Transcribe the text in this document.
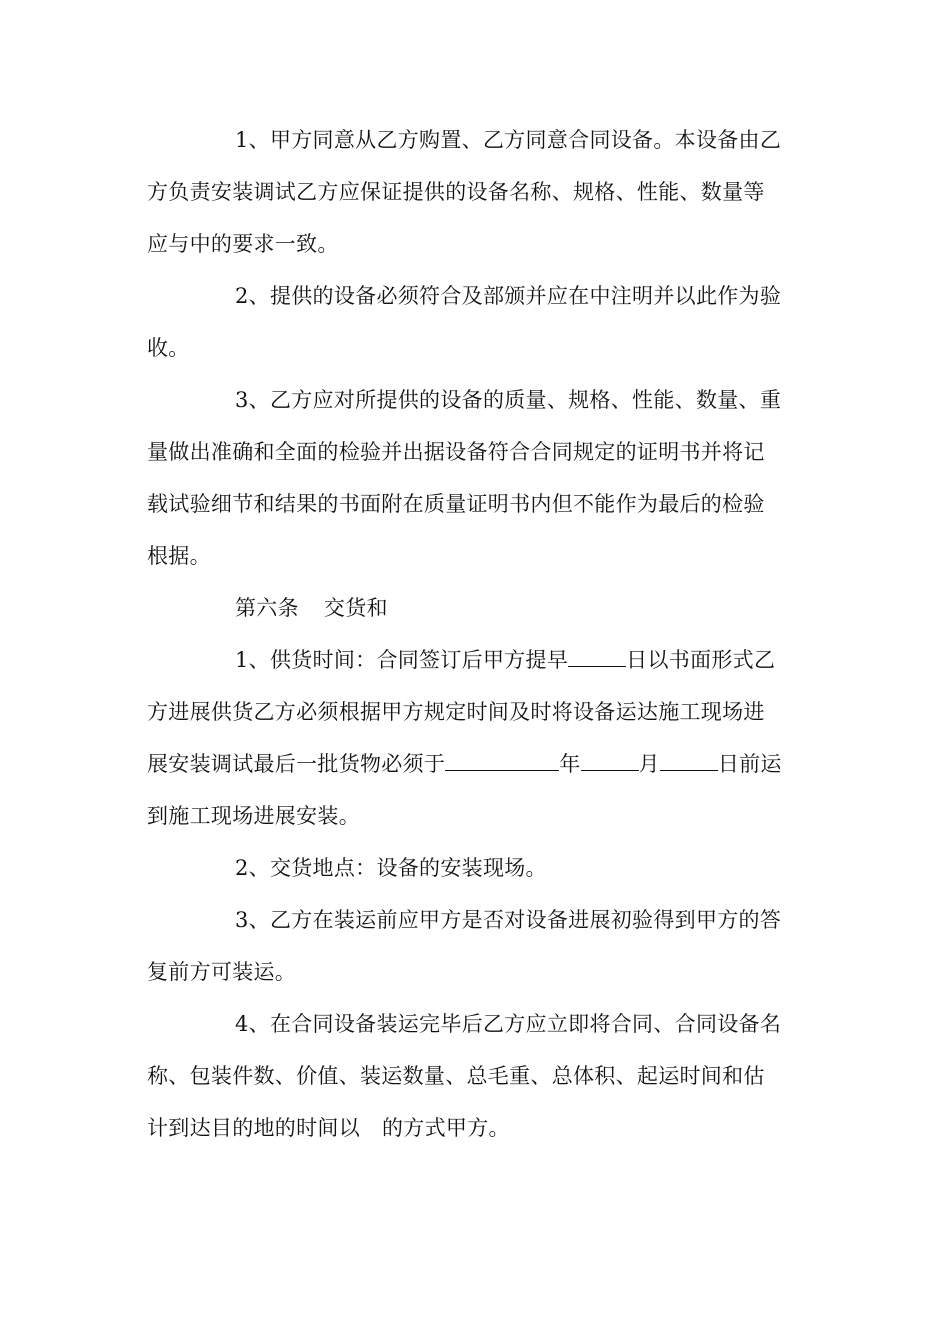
1、甲方同意从乙方购置、乙方同意合同设备。本设备由乙
方负责安装调试乙方应保证提供的设备名称、规格、性能、数量等
应与中的要求一致。
2、提供的设备必须符合及部颁并应在中注明并以此作为验
收。
3、乙方应对所提供的设备的质量、规格、性能、数量、重
量做出准确和全面的检验并出据设备符合合同规定的证明书并将记
载试验细节和结果的书面附在质量证明书内但不能作为最后的检验
根据。
第六条 交货和
1、供货时间：合同签订后甲方提早	日以书面形式乙
方进展供货乙方必须根据甲方规定时间及时将设备运达施工现场进
展安装调试最后一批货物必须于	年	月	日前运
到施工现场进展安装。
2、交货地点：设备的安装现场。
3、乙方在装运前应甲方是否对设备进展初验得到甲方的答
复前方可装运。
4、在合同设备装运完毕后乙方应立即将合同、合同设备名
称、包装件数、价值、装运数量、总毛重、总体积、起运时间和估
计到达目的地的时间以 的方式甲方。
